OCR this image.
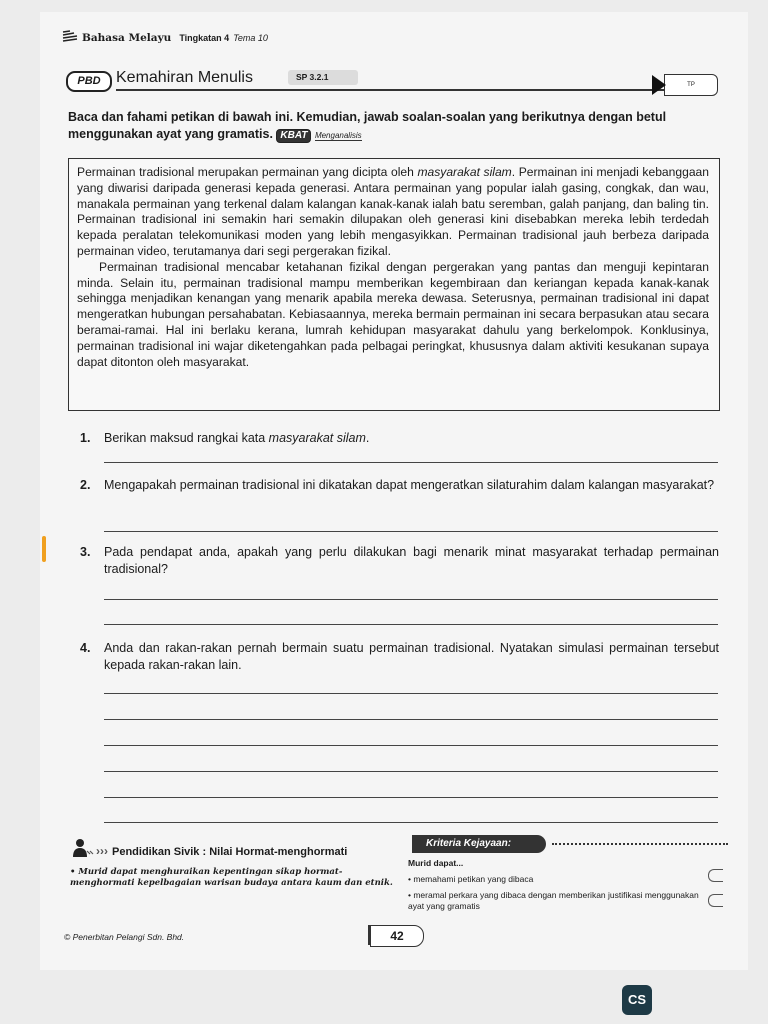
Bahasa Melayu Tingkatan 4 Tema 10
PBD Kemahiran Menulis	SP 3.2.1
TP
Baca dan fahami petikan di bawah ini. Kemudian, jawab soalan-soalan yang berikutnya dengan betul menggunakan ayat yang gramatis. KBAT Menganalisis

Permainan tradisional merupakan permainan yang dicipta oleh masyarakat silam. Permainan ini menjadi kebanggaan yang diwarisi daripada generasi kepada generasi. Antara permainan yang popular ialah gasing, congkak, dan wau, manakala permainan yang terkenal dalam kalangan kanak-kanak ialah batu seremban, galah panjang, dan baling tin. Permainan tradisional ini semakin hari semakin dilupakan oleh generasi kini disebabkan mereka lebih terdedah kepada peralatan telekomunikasi moden yang lebih mengasyikkan. Permainan tradisional jauh berbeza daripada permainan video, terutamanya dari segi pergerakan fizikal.

Permainan tradisional mencabar ketahanan fizikal dengan pergerakan yang pantas dan menguji kepintaran minda. Selain itu, permainan tradisional mampu memberikan kegembiraan dan keriangan kepada kanak-kanak sehingga menjadikan kenangan yang menarik apabila mereka dewasa. Seterusnya, permainan tradisional ini dapat mengeratkan hubungan persahabatan. Kebiasaannya, mereka bermain permainan ini secara berpasukan atau secara beramai-ramai. Hal ini berlaku kerana, lumrah kehidupan masyarakat dahulu yang berkelompok. Konklusinya, permainan tradisional ini wajar diketengahkan pada pelbagai peringkat, khususnya dalam aktiviti kesukanan supaya dapat ditonton oleh masyarakat.

1. Berikan maksud rangkai kata masyarakat silam.
2. Mengapakah permainan tradisional ini dikatakan dapat mengeratkan silaturahim dalam kalangan masyarakat?
3. Pada pendapat anda, apakah yang perlu dilakukan bagi menarik minat masyarakat terhadap permainan tradisional?
4. Anda dan rakan-rakan pernah bermain suatu permainan tradisional. Nyatakan simulasi permainan tersebut kepada rakan-rakan lain.
››› Pendidikan Sivik : Nilai Hormat-menghormati
• Murid dapat menghuraikan kepentingan sikap hormat-menghormati kepelbagaian warisan budaya antara kaum dan etnik.
Kriteria Kejayaan:
Murid dapat...
• memahami petikan yang dibaca
• meramal perkara yang dibaca dengan memberikan justifikasi menggunakan ayat yang gramatis
© Penerbitan Pelangi Sdn. Bhd.	42
CS
